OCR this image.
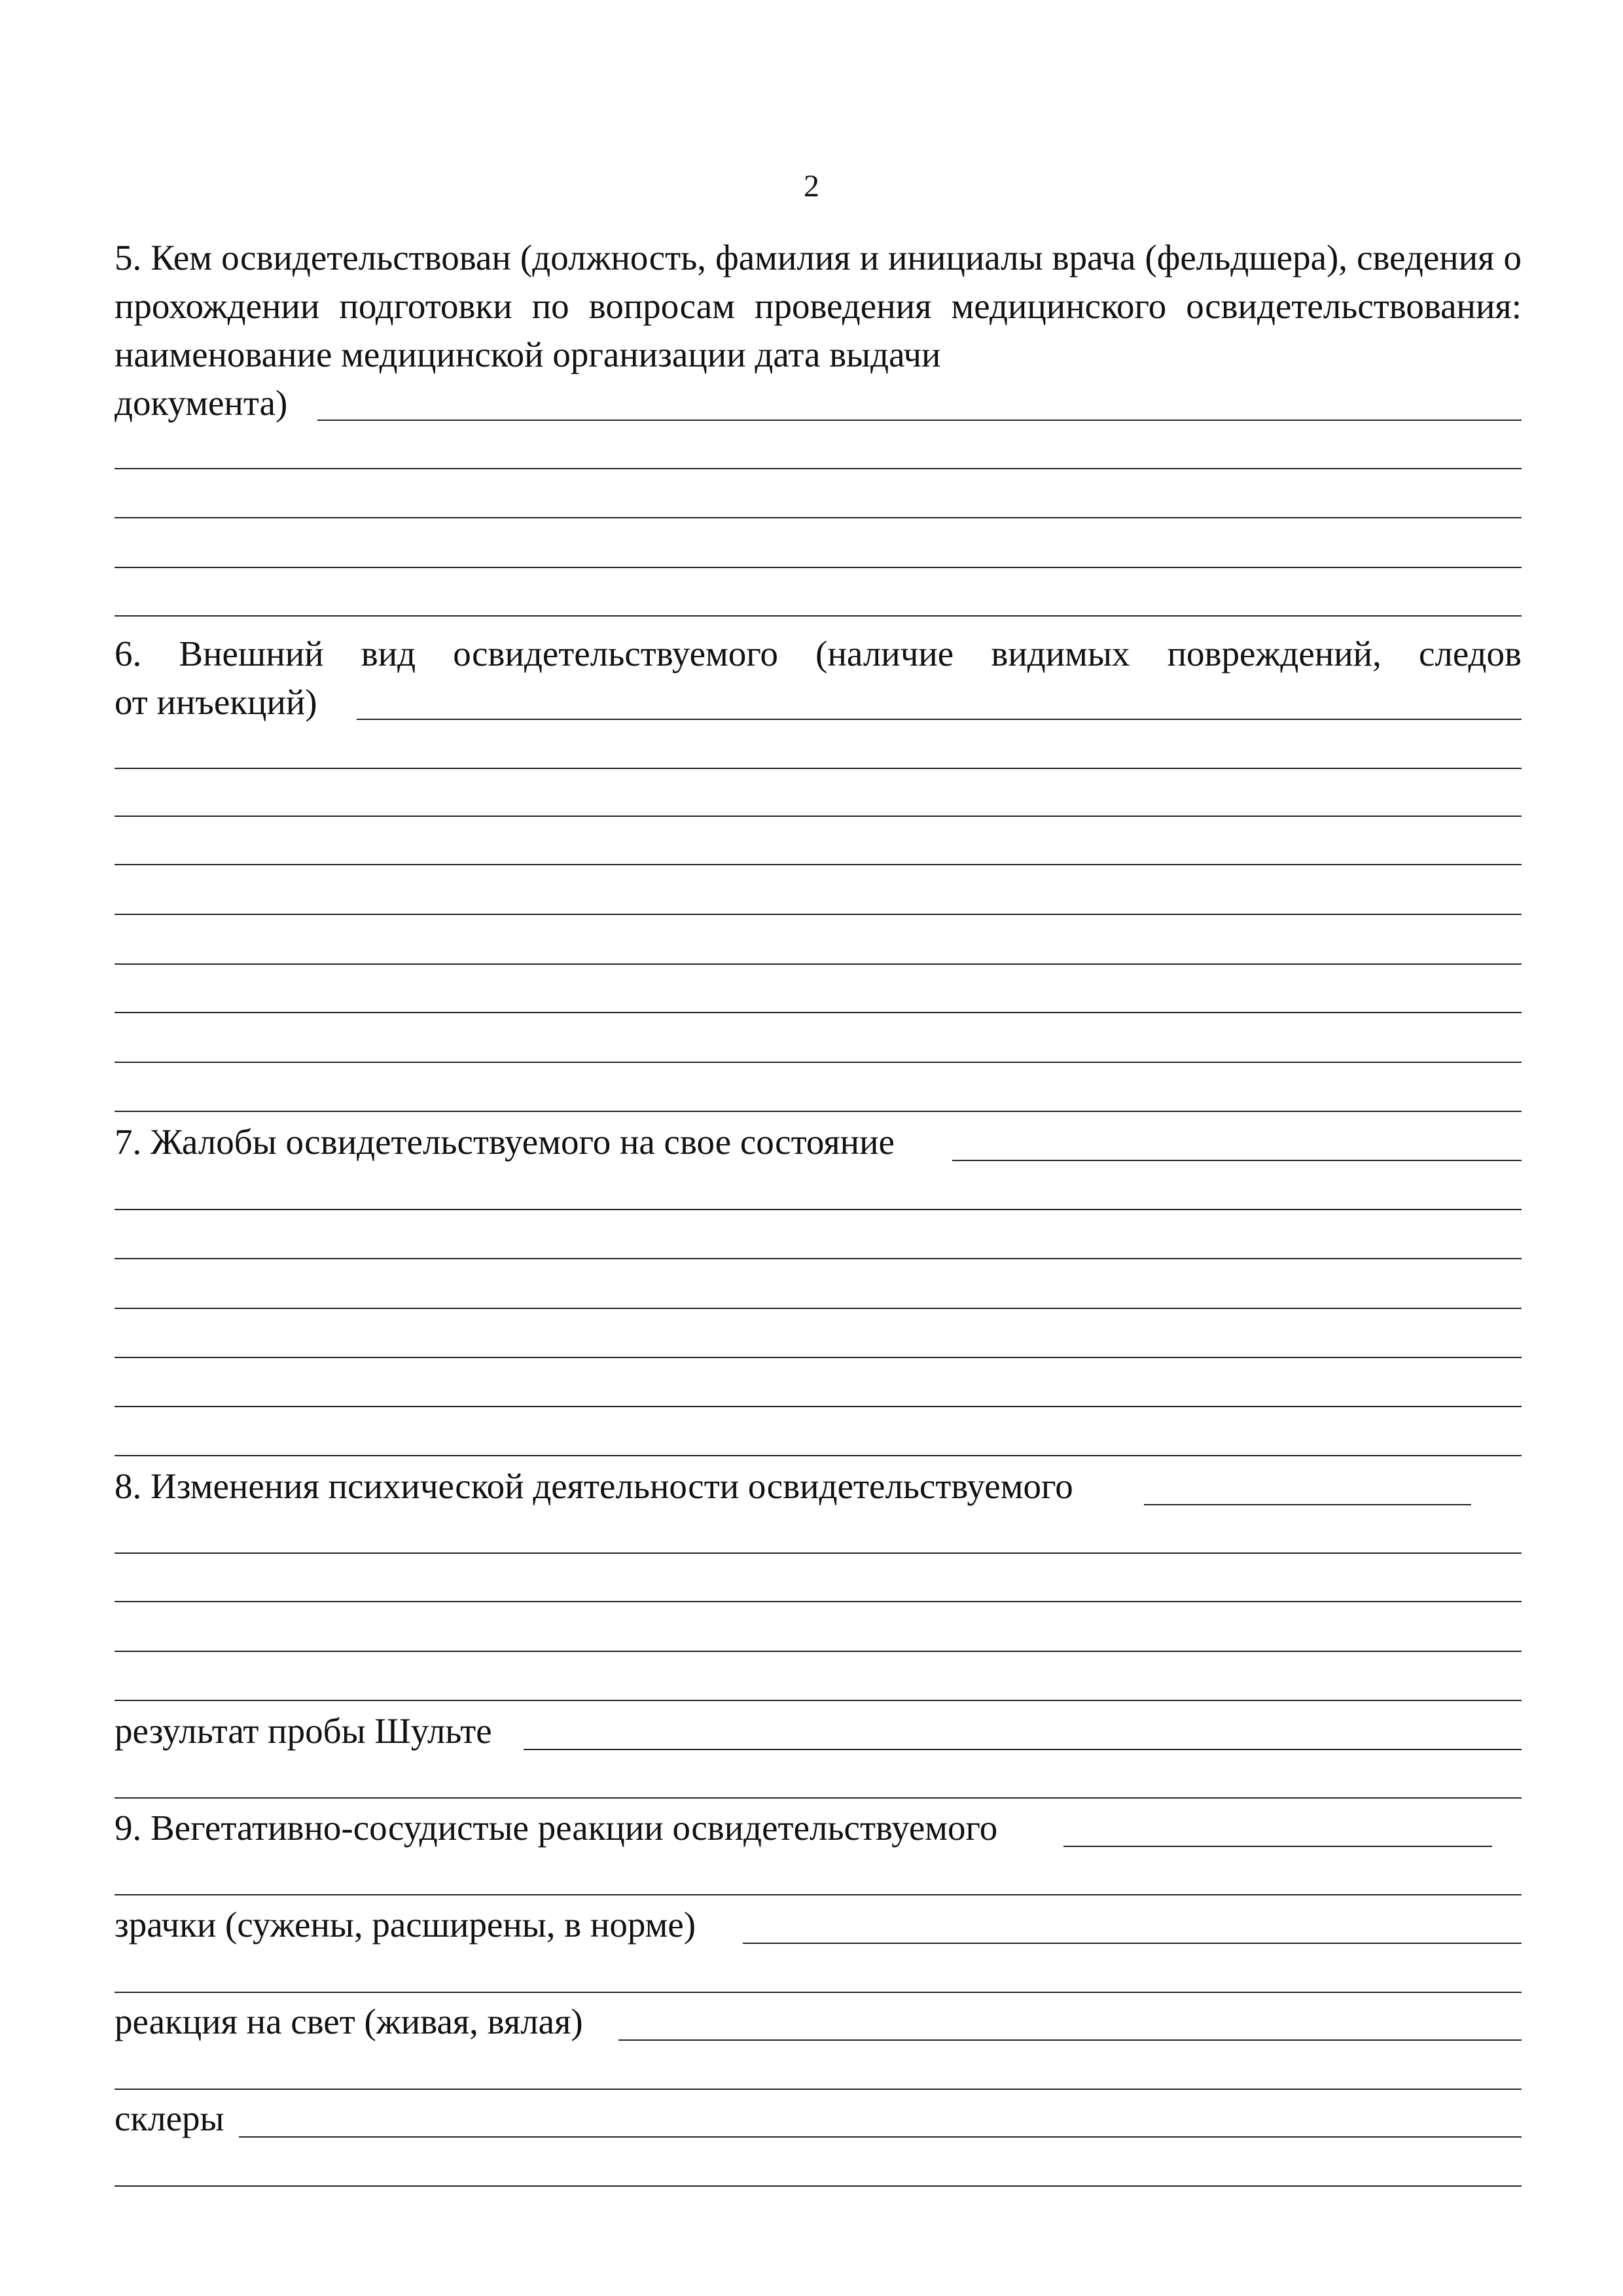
2
5. Кем освидетельствован (должность, фамилия и инициалы врача (фельдшера), сведения о прохождении подготовки по вопросам проведения медицинского освидетельствования: наименование медицинской организации дата выдачи
документа)
6. Внешний вид освидетельствуемого (наличие видимых повреждений, следов
от инъекций)
7. Жалобы освидетельствуемого на свое состояние
8. Изменения психической деятельности освидетельствуемого
результат пробы Шульте
9. Вегетативно-сосудистые реакции освидетельствуемого
зрачки (сужены, расширены, в норме)
реакция на свет (живая, вялая)
склеры
